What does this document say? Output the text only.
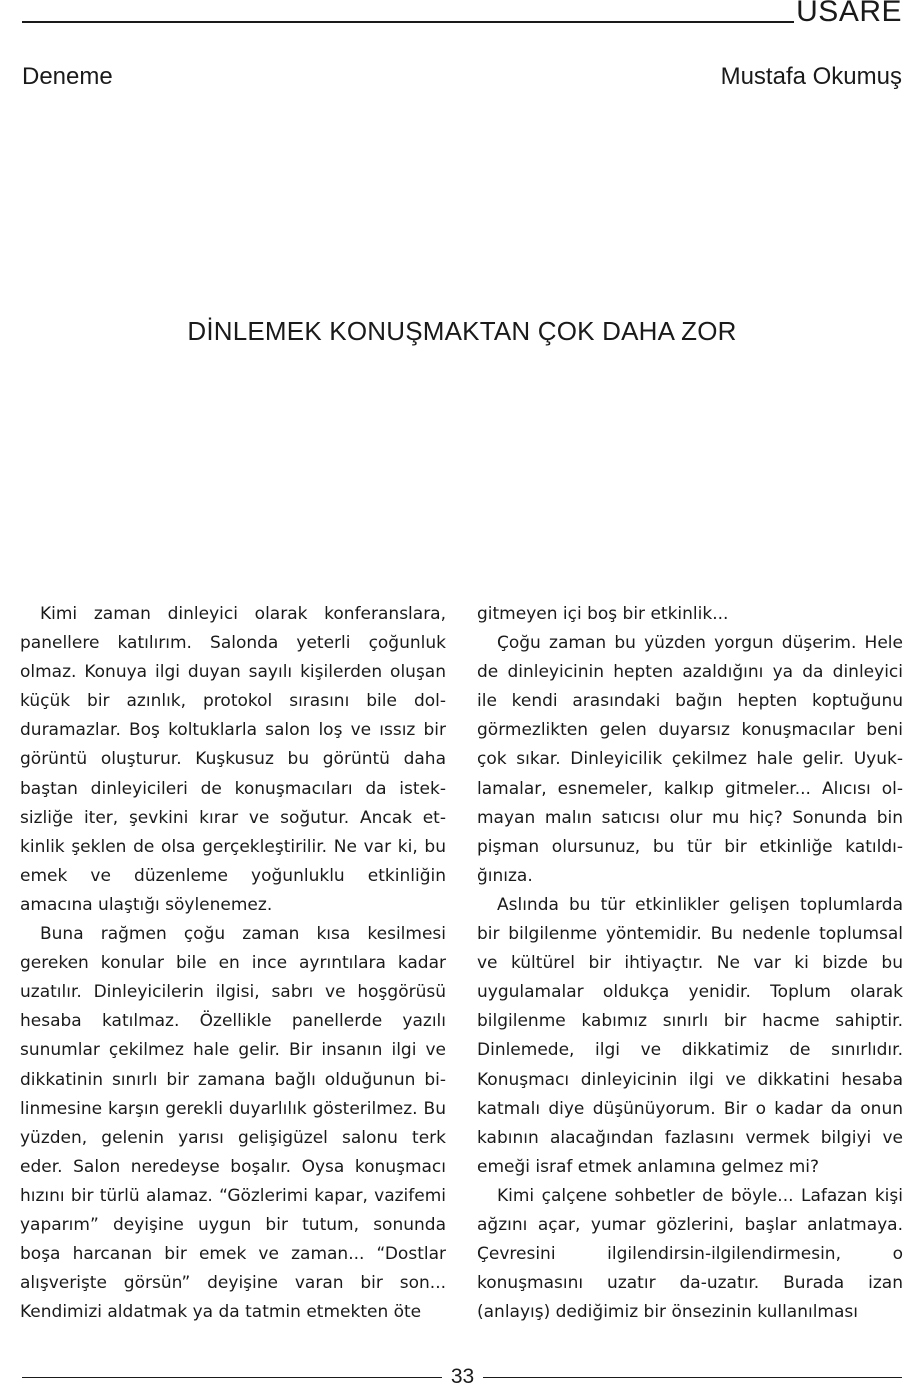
USARE
Deneme	Mustafa Okumuş
DİNLEMEK KONUŞMAKTAN ÇOK DAHA ZOR

Kimi zaman dinleyici olarak konferanslara, panellere katılırım. Salonda yeterli çoğunluk olmaz. Konuya ilgi duyan sayılı kişilerden oluşan küçük bir azınlık, protokol sırasını bile dolduramazlar. Boş koltuklarla salon loş ve ıssız bir görüntü oluşturur. Kuşkusuz bu görüntü daha baştan dinleyicileri de konuşmacıları da isteksizliğe iter, şevkini kırar ve soğutur. Ancak etkinlik şeklen de olsa gerçekleştirilir. Ne var ki, bu emek ve düzenleme yoğunluklu etkinliğin amacına ulaştığı söylenemez.

Buna rağmen çoğu zaman kısa kesilmesi gereken konular bile en ince ayrıntılara kadar uzatılır. Dinleyicilerin ilgisi, sabrı ve hoşgörüsü hesaba katılmaz. Özellikle panellerde yazılı sunumlar çekilmez hale gelir. Bir insanın ilgi ve dikkatinin sınırlı bir zamana bağlı olduğunun bilinmesine karşın gerekli duyarlılık gösterilmez. Bu yüzden, gelenin yarısı gelişigüzel salonu terk eder. Salon neredeyse boşalır. Oysa konuşmacı hızını bir türlü alamaz. “Gözlerimi kapar, vazifemi yaparım” deyişine uygun bir tutum, sonunda boşa harcanan bir emek ve zaman... “Dostlar alışverişte görsün” deyişine varan bir son... Kendimizi aldatmak ya da tatmin etmekten öte

gitmeyen içi boş bir etkinlik...

Çoğu zaman bu yüzden yorgun düşerim. Hele de dinleyicinin hepten azaldığını ya da dinleyici ile kendi arasındaki bağın hepten koptuğunu görmezlikten gelen duyarsız konuşmacılar beni çok sıkar. Dinleyicilik çekilmez hale gelir. Uyuklamalar, esnemeler, kalkıp gitmeler... Alıcısı olmayan malın satıcısı olur mu hiç? Sonunda bin pişman olursunuz, bu tür bir etkinliğe katıldığınıza.

Aslında bu tür etkinlikler gelişen toplumlarda bir bilgilenme yöntemidir. Bu nedenle toplumsal ve kültürel bir ihtiyaçtır. Ne var ki bizde bu uygulamalar oldukça yenidir. Toplum olarak bilgilenme kabımız sınırlı bir hacme sahiptir. Dinlemede, ilgi ve dikkatimiz de sınırlıdır. Konuşmacı dinleyicinin ilgi ve dikkatini hesaba katmalı diye düşünüyorum. Bir o kadar da onun kabının alacağından fazlasını vermek bilgiyi ve emeği israf etmek anlamına gelmez mi?

Kimi çalçene sohbetler de böyle... Lafazan kişi ağzını açar, yumar gözlerini, başlar anlatmaya. Çevresini ilgilendirsin-ilgilendirmesin, o konuşmasını uzatır da-uzatır. Burada izan (anlayış) dediğimiz bir önsezinin kullanılması

33
